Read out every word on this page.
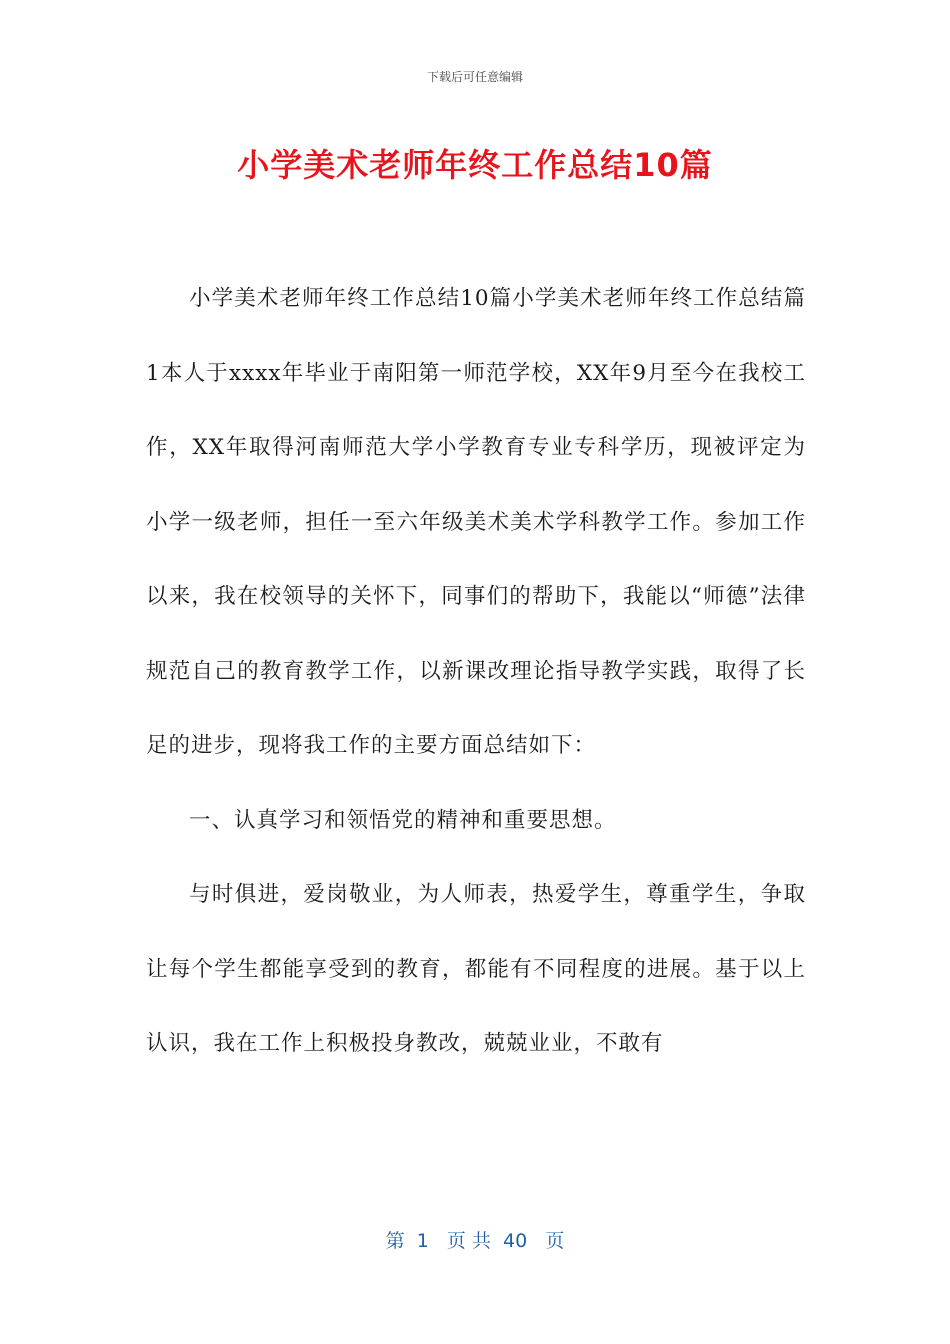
下载后可任意编辑
小学美术老师年终工作总结10篇

小学美术老师年终工作总结10篇小学美术老师年终工作总结篇1本人于xxxx年毕业于南阳第一师范学校，XX年9月至今在我校工作，XX年取得河南师范大学小学教育专业专科学历，现被评定为小学一级老师，担任一至六年级美术美术学科教学工作。参加工作以来，我在校领导的关怀下，同事们的帮助下，我能以“师德”法律规范自己的教育教学工作，以新课改理论指导教学实践，取得了长足的进步，现将我工作的主要方面总结如下：

一、认真学习和领悟党的精神和重要思想。

与时俱进，爱岗敬业，为人师表，热爱学生，尊重学生，争取让每个学生都能享受到的教育，都能有不同程度的进展。基于以上认识，我在工作上积极投身教改，兢兢业业，不敢有

第  1   页 共  40   页
